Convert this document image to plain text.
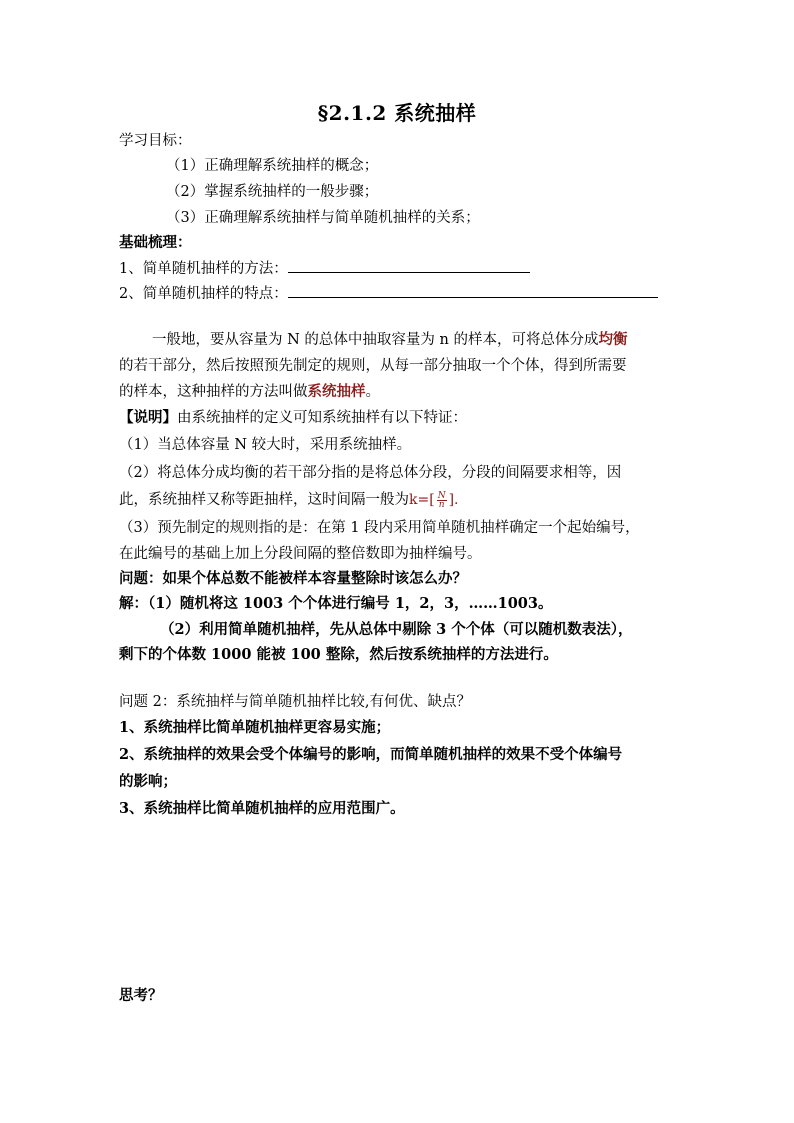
§2.1.2 系统抽样
学习目标：
（1）正确理解系统抽样的概念；
（2）掌握系统抽样的一般步骤；
（3）正确理解系统抽样与简单随机抽样的关系；
基础梳理：
1、简单随机抽样的方法：
2、简单随机抽样的特点：
一般地，要从容量为 N 的总体中抽取容量为 n 的样本，可将总体分成均衡
的若干部分，然后按照预先制定的规则，从每一部分抽取一个个体，得到所需要
的样本，这种抽样的方法叫做系统抽样。
【说明】由系统抽样的定义可知系统抽样有以下特证：
（1）当总体容量 N 较大时，采用系统抽样。
（2）将总体分成均衡的若干部分指的是将总体分段，分段的间隔要求相等，因
此，系统抽样又称等距抽样，这时间隔一般为$k=[ \frac{N}{n}$ ].
（3）预先制定的规则指的是：在第 1 段内采用简单随机抽样确定一个起始编号，
在此编号的基础上加上分段间隔的整倍数即为抽样编号。
问题：如果个体总数不能被样本容量整除时该怎么办？
解：（1）随机将这 1003 个个体进行编号 1，2，3，……1003。
（2）利用简单随机抽样，先从总体中剔除 3 个个体（可以随机数表法），
剩下的个体数 1000 能被 100 整除，然后按系统抽样的方法进行。
问题 2：系统抽样与简单随机抽样比较,有何优、缺点？
1、系统抽样比简单随机抽样更容易实施；
2、系统抽样的效果会受个体编号的影响，而简单随机抽样的效果不受个体编号
的影响；
3、系统抽样比简单随机抽样的应用范围广。
思考？
